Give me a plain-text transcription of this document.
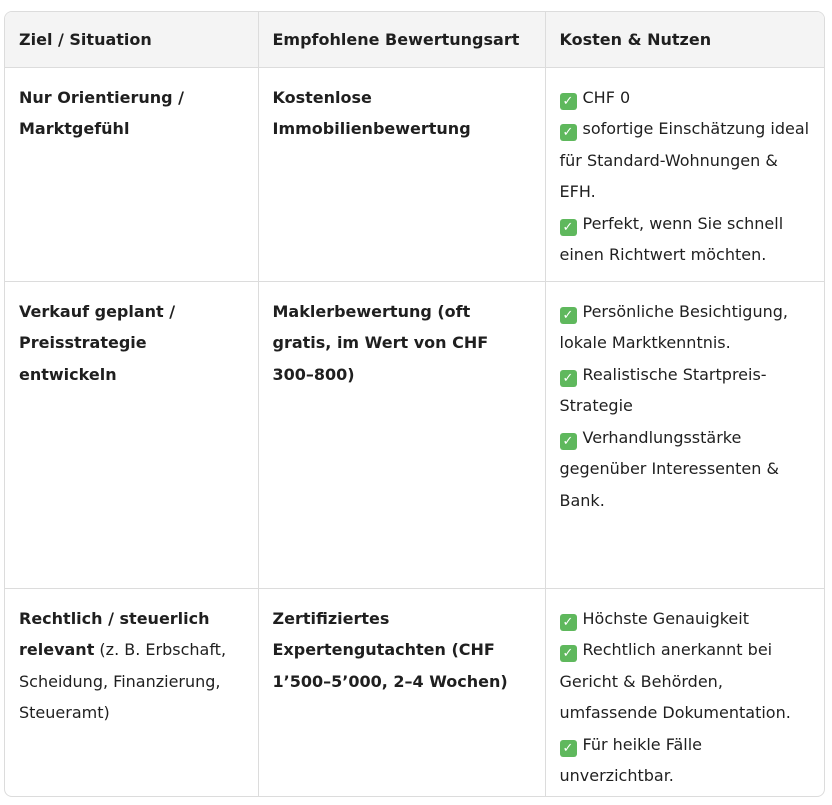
Ziel / Situation	Empfohlene Bewertungsart	Kosten & Nutzen
Nur Orientierung / Marktgefühl	Kostenlose Immobilienbewertung	✓ CHF 0
✓ sofortige Einschätzung ideal für Standard-Wohnungen & EFH.
✓ Perfekt, wenn Sie schnell einen Richtwert möchten.

Verkauf geplant / Preisstrategie entwickeln	Maklerbewertung (oft gratis, im Wert von CHF 300–800)	✓ Persönliche Besichtigung, lokale Marktkenntnis.
✓ Realistische Startpreis-Strategie
✓ Verhandlungsstärke gegenüber Interessenten & Bank.

Rechtlich / steuerlich relevant (z. B. Erbschaft, Scheidung, Finanzierung, Steueramt)	Zertifiziertes Expertengutachten (CHF 1’500–5’000, 2–4 Wochen)	✓ Höchste Genauigkeit
✓ Rechtlich anerkannt bei Gericht & Behörden, umfassende Dokumentation.
✓ Für heikle Fälle unverzichtbar.
